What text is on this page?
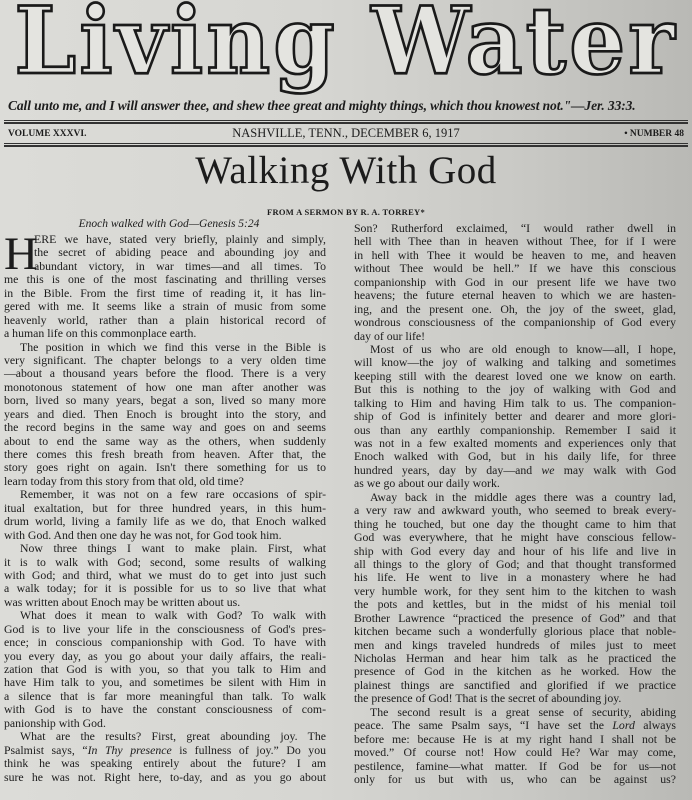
Living Water
Call unto me, and I will answer thee, and shew thee great and mighty things, which thou knowest not."—Jer. 33:3.
VOLUME XXXVI.	NASHVILLE, TENN., DECEMBER 6, 1917	• NUMBER 48
Walking With God
FROM A SERMON BY R. A. TORREY*
Enoch walked with God—Genesis 5:24
H
ERE we have, stated very briefly, plainly and simply,
the secret of abiding peace and abounding joy and
abundant victory, in war times—and all times. To
me this is one of the most fascinating and thrilling verses
in the Bible. From the first time of reading it, it has lin-
gered with me. It seems like a strain of music from some
heavenly world, rather than a plain historical record of
a human life on this commonplace earth.
The position in which we find this verse in the Bible is
very significant. The chapter belongs to a very olden time
—about a thousand years before the flood. There is a very
monotonous statement of how one man after another was
born, lived so many years, begat a son, lived so many more
years and died. Then Enoch is brought into the story, and
the record begins in the same way and goes on and seems
about to end the same way as the others, when suddenly
there comes this fresh breath from heaven. After that, the
story goes right on again. Isn't there something for us to
learn today from this story from that old, old time?
Remember, it was not on a few rare occasions of spir-
itual exaltation, but for three hundred years, in this hum-
drum world, living a family life as we do, that Enoch walked
with God. And then one day he was not, for God took him.
Now three things I want to make plain. First, what
it is to walk with God; second, some results of walking
with God; and third, what we must do to get into just such
a walk today; for it is possible for us to so live that what
was written about Enoch may be written about us.
What does it mean to walk with God? To walk with
God is to live your life in the consciousness of God's pres-
ence; in conscious companionship with God. To have with
you every day, as you go about your daily affairs, the reali-
zation that God is with you, so that you talk to Him and
have Him talk to you, and sometimes be silent with Him in
a silence that is far more meaningful than talk. To walk
with God is to have the constant consciousness of com-
panionship with God.
What are the results? First, great abounding joy. The
Psalmist says, “In Thy presence is fullness of joy.” Do you
think he was speaking entirely about the future? I am
sure he was not. Right here, to-day, and as you go about
Son? Rutherford exclaimed, “I would rather dwell in
hell with Thee than in heaven without Thee, for if I were
in hell with Thee it would be heaven to me, and heaven
without Thee would be hell.” If we have this conscious
companionship with God in our present life we have two
heavens; the future eternal heaven to which we are hasten-
ing, and the present one. Oh, the joy of the sweet, glad,
wondrous consciousness of the companionship of God every
day of our life!
Most of us who are old enough to know—all, I hope,
will know—the joy of walking and talking and sometimes
keeping still with the dearest loved one we know on earth.
But this is nothing to the joy of walking with God and
talking to Him and having Him talk to us. The companion-
ship of God is infinitely better and dearer and more glori-
ous than any earthly companionship. Remember I said it
was not in a few exalted moments and experiences only that
Enoch walked with God, but in his daily life, for three
hundred years, day by day—and we may walk with God
as we go about our daily work.
Away back in the middle ages there was a country lad,
a very raw and awkward youth, who seemed to break every-
thing he touched, but one day the thought came to him that
God was everywhere, that he might have conscious fellow-
ship with God every day and hour of his life and live in
all things to the glory of God; and that thought transformed
his life. He went to live in a monastery where he had
very humble work, for they sent him to the kitchen to wash
the pots and kettles, but in the midst of his menial toil
Brother Lawrence “practiced the presence of God” and that
kitchen became such a wonderfully glorious place that noble-
men and kings traveled hundreds of miles just to meet
Nicholas Herman and hear him talk as he practiced the
presence of God in the kitchen as he worked. How the
plainest things are sanctified and glorified if we practice
the presence of God! That is the secret of abounding joy.
The second result is a great sense of security, abiding
peace. The same Psalm says, “I have set the Lord always
before me: because He is at my right hand I shall not be
moved.” Of course not! How could He? War may come,
pestilence, famine—what matter. If God be for us—not
only for us but with us, who can be against us?
